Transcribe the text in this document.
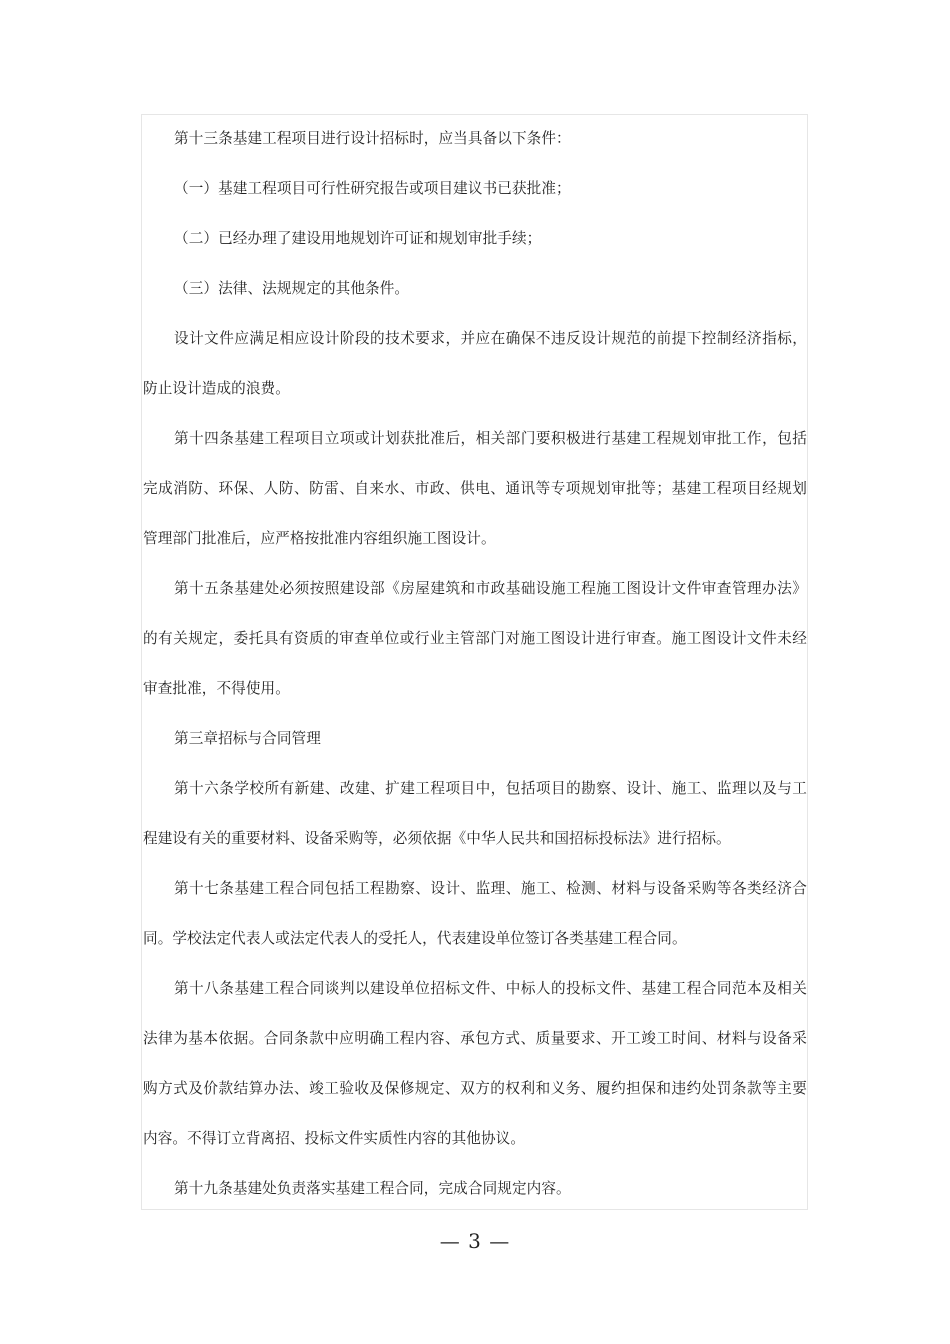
第十三条基建工程项目进行设计招标时，应当具备以下条件：
（一）基建工程项目可行性研究报告或项目建议书已获批准；
（二）已经办理了建设用地规划许可证和规划审批手续；
（三）法律、法规规定的其他条件。
设计文件应满足相应设计阶段的技术要求，并应在确保不违反设计规范的前提下控制经济指标，
防止设计造成的浪费。
第十四条基建工程项目立项或计划获批准后，相关部门要积极进行基建工程规划审批工作，包括
完成消防、环保、人防、防雷、自来水、市政、供电、通讯等专项规划审批等；基建工程项目经规划
管理部门批准后，应严格按批准内容组织施工图设计。
第十五条基建处必须按照建设部《房屋建筑和市政基础设施工程施工图设计文件审查管理办法》
的有关规定，委托具有资质的审查单位或行业主管部门对施工图设计进行审查。施工图设计文件未经
审查批准，不得使用。
第三章招标与合同管理
第十六条学校所有新建、改建、扩建工程项目中，包括项目的勘察、设计、施工、监理以及与工
程建设有关的重要材料、设备采购等，必须依据《中华人民共和国招标投标法》进行招标。
第十七条基建工程合同包括工程勘察、设计、监理、施工、检测、材料与设备采购等各类经济合
同。学校法定代表人或法定代表人的受托人，代表建设单位签订各类基建工程合同。
第十八条基建工程合同谈判以建设单位招标文件、中标人的投标文件、基建工程合同范本及相关
法律为基本依据。合同条款中应明确工程内容、承包方式、质量要求、开工竣工时间、材料与设备采
购方式及价款结算办法、竣工验收及保修规定、双方的权利和义务、履约担保和违约处罚条款等主要
内容。不得订立背离招、投标文件实质性内容的其他协议。
第十九条基建处负责落实基建工程合同，完成合同规定内容。
— 3 —
